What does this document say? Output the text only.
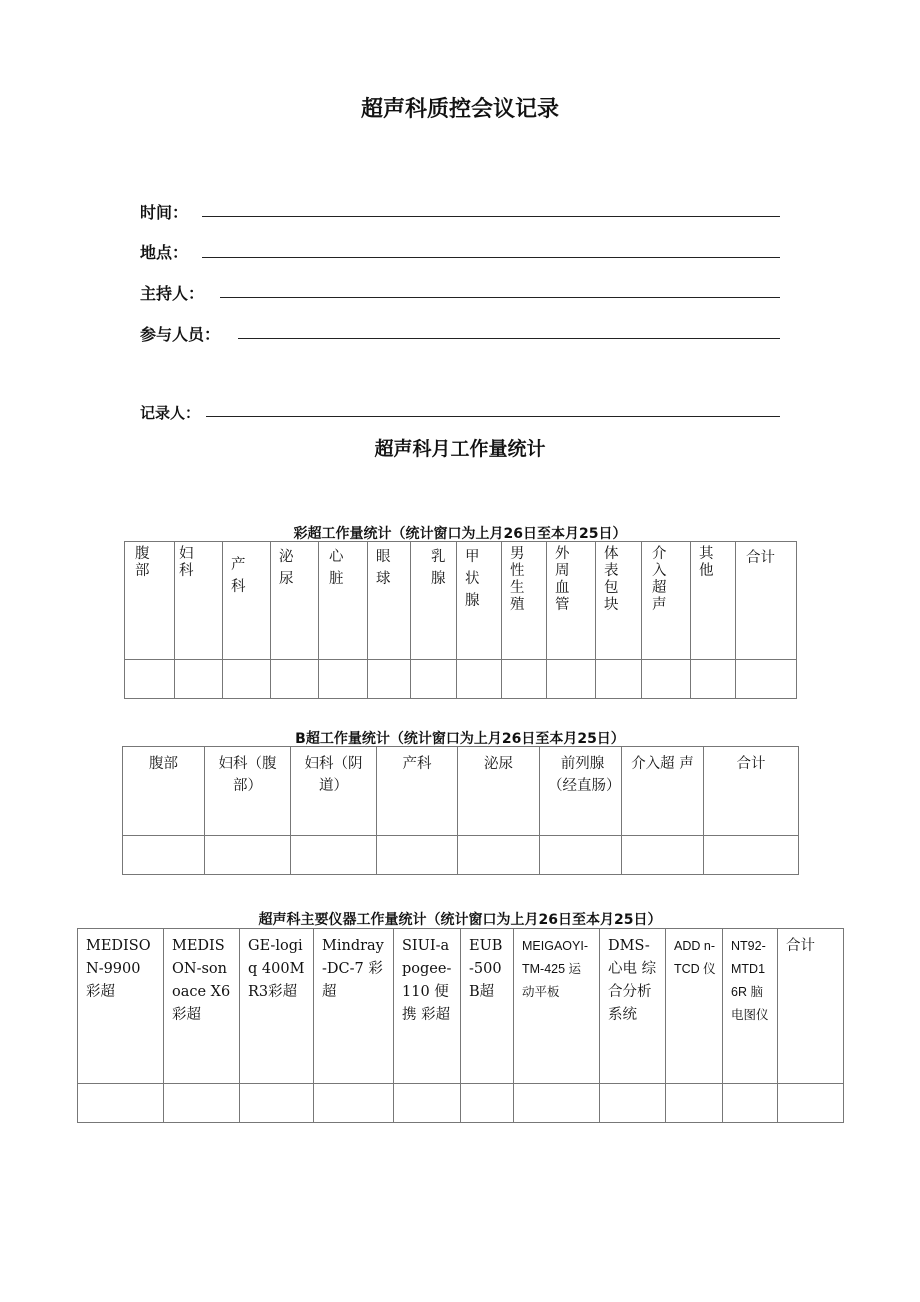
超声科质控会议记录
时间：
地点：
主持人：
参与人员：
记录人：
超声科月工作量统计
彩超工作量统计（统计窗口为上月26日至本月25日）
腹部	妇科	产科	泌尿	心脏	眼球	乳腺	甲状腺	男性生殖	外周血管	体表包块	介入超声	其他	合计

B超工作量统计（统计窗口为上月26日至本月25日）
腹部	妇科（腹部）	妇科（阴道）	产科	泌尿	前列腺（经直肠）	介入超 声	合计

超声科主要仪器工作量统计（统计窗口为上月26日至本月25日）
MEDISON-9900 彩超	MEDISON-sonoace X6彩超	GE-logiq 400MR3彩超	Mindray-DC-7 彩超	SIUI-apogee-110 便携 彩超	EUB-500 B超	MEIGAOYI-TM-425 运动平板	DMS- 心电 综合分析 系统	ADD n-TCD 仪	NT92-MTD16R 脑电图仪	合计
